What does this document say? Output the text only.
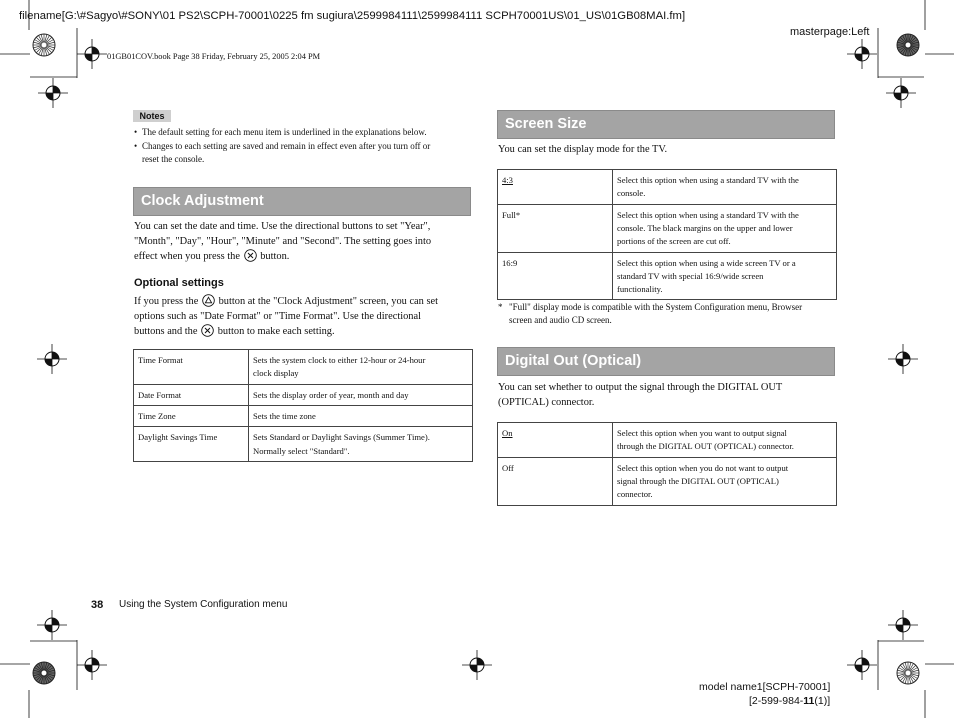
filename[G:\#Sagyo\#SONY\01 PS2\SCPH-70001\0225 fm sugiura\2599984111\2599984111 SCPH70001US\01_US\01GB08MAI.fm]
masterpage:Left
01GB01COV.book Page 38 Friday, February 25, 2005 2:04 PM
Notes
• The default setting for each menu item is underlined in the explanations below.
• Changes to each setting are saved and remain in effect even after you turn off or
reset the console.
Clock Adjustment
You can set the date and time. Use the directional buttons to set "Year",
"Month", "Day", "Hour", "Minute" and "Second". The setting goes into
effect when you press the button.
Optional settings
If you press the button at the "Clock Adjustment" screen, you can set
options such as "Date Format" or "Time Format". Use the directional
buttons and the button to make each setting.
Time Format	Sets the system clock to either 12-hour or 24-hour
clock display

Date Format	Sets the display order of year, month and day
Time Zone	Sets the time zone
Daylight Savings Time	Sets Standard or Daylight Savings (Summer Time).
Normally select "Standard".
Screen Size
You can set the display mode for the TV.
4:3	Select this option when using a standard TV with the
console.

Full*	Select this option when using a standard TV with the
console. The black margins on the upper and lower
portions of the screen are cut off.

16:9	Select this option when using a wide screen TV or a
standard TV with special 16:9/wide screen
functionality.
* "Full" display mode is compatible with the System Configuration menu, Browser
screen and audio CD screen.
Digital Out (Optical)
You can set whether to output the signal through the DIGITAL OUT
(OPTICAL) connector.
On	Select this option when you want to output signal
through the DIGITAL OUT (OPTICAL) connector.

Off	Select this option when you do not want to output
signal through the DIGITAL OUT (OPTICAL)
connector.
38 Using the System Configuration menu
model name1[SCPH-70001]
[2-599-984-11(1)]
